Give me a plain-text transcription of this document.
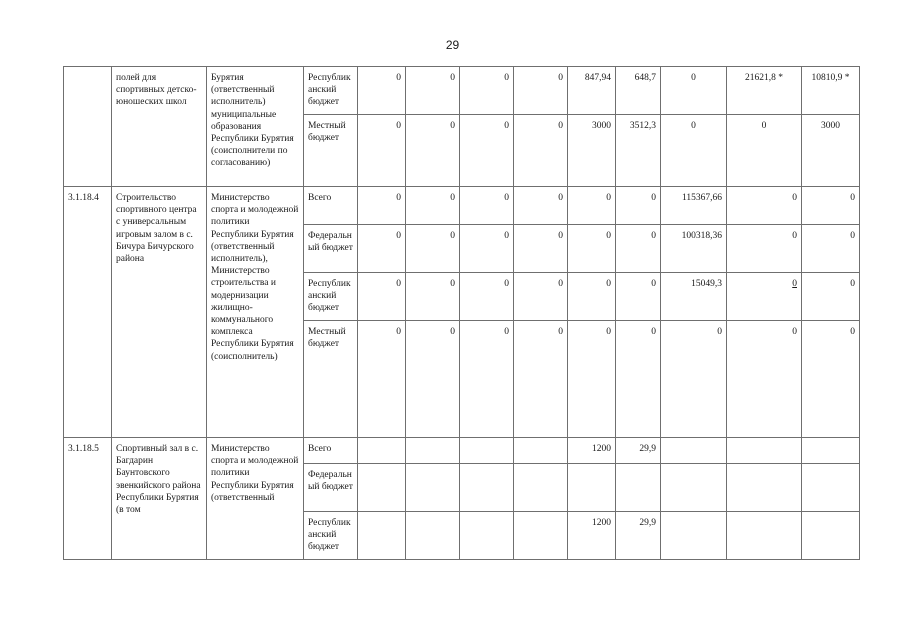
29
	полей для спортивных детско-юношеских школ	Бурятия (ответственный исполнитель) муниципальные образования Республики Бурятия (соисполнители по согласованию)	Республиканский бюджет	0	0	0	0	847,94	648,7	0	21621,8 *	10810,9 *
			Местный бюджет	0	0	0	0	3000	3512,3	0	0	3000
3.1.18.4	Строительство спортивного центра с универсальным игровым залом в с. Бичура Бичурского района	Министерство спорта и молодежной политики Республики Бурятия (ответственный исполнитель), Министерство строительства и модернизации жилищно-коммунального комплекса Республики Бурятия (соисполнитель)	Всего	0	0	0	0	0	0	115367,66	0	0
			Федеральный бюджет	0	0	0	0	0	0	100318,36	0	0
			Республиканский бюджет	0	0	0	0	0	0	15049,3	0	0
			Местный бюджет	0	0	0	0	0	0	0	0	0
3.1.18.5	Спортивный зал в с. Багдарин Баунтовского эвенкийского района Республики Бурятия (в том	Министерство спорта и молодежной политики Республики Бурятия (ответственный	Всего					1200	29,9			
			Федеральный бюджет									
			Республиканский бюджет					1200	29,9			
